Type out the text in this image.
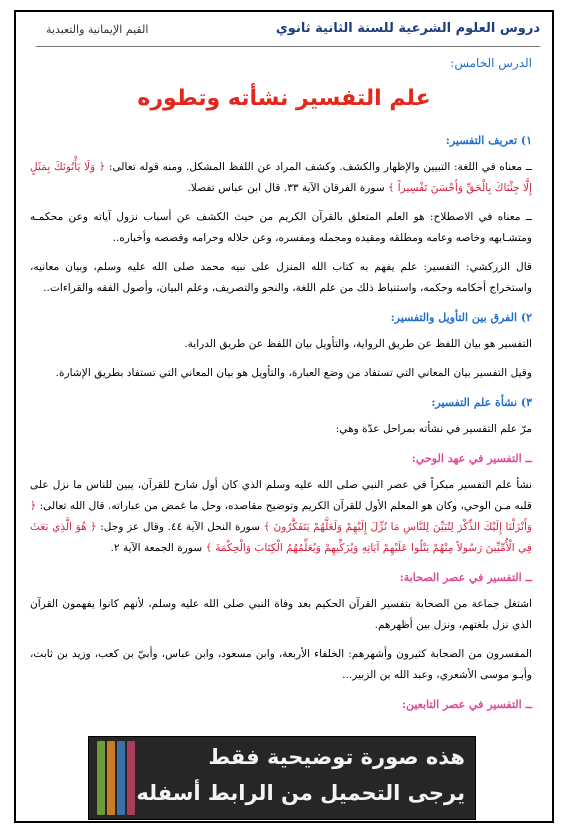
دروس العلوم الشرعية للسنة الثانية ثانوي
القيم الإيمانية والتعبدية
الدرس الخامس:
علم التفسير نشأته وتطوره
١) تعريف التفسير:

ــ معناه في اللغة: التبيين والإظهار والكشف. وكشف المراد عن اللفظ المشكل. ومنه قوله تعالى: ﴿ وَلَا يَأْتُونَكَ بِمَثَلٍ إِلَّا جِئْنَاكَ بِالْحَقِّ وَأَحْسَنَ تَفْسِيراً ﴾ سورة الفرقان الآية ٣٣. قال ابن عباس تفصلا.

ــ معناه في الاصطلاح: هو العلم المتعلق بالقرآن الكريم من حيث الكشف عن أسباب نزول آياته وعن محكمـه ومتشـابهه وخاصه وعامه ومطلقه ومقيده ومجمله ومفسره، وعن حلاله وحرامه وقصصه وأخباره..

قال الزركشي: التفسير: علم يفهم به كتاب الله المنزل على نبيه محمد صلى الله عليه وسلم، وبيان معانيه، واستخراج أحكامه وحكمه، واستنباط ذلك من علم اللغة، والنحو والتصريف، وعلم البيان، وأصول الفقه والقراءات..

٢) الفرق بين التأويل والتفسير:

التفسير هو بيان اللفظ عن طريق الرواية، والتأويل بيان اللفظ عن طريق الدراية.

وقيل التفسير بيان المعاني التي تستفاد من وضع العبارة، والتأويل هو بيان المعاني التي تستفاد بطريق الإشارة.

٣) نشأة علم التفسير:

مرّ علم التفسير في نشأته بمراحل عدّة وهي:

ــ التفسير في عهد الوحي:

نشأ علم التفسير مبكراً في عصر النبي صلى الله عليه وسلم الذي كان أول شارح للقرآن، يبين للناس ما نزل على قلبه مـن الوحي، وكان هو المعلم الأول للقرآن الكريم وتوضيح مقاصده، وحل ما غمض من عباراته. قال الله تعالى: ﴿ وَأَنْزَلْنَا إِلَيْكَ الذِّكْرَ لِتُبَيِّنَ لِلنَّاسِ مَا نُزِّلَ إِلَيْهِمْ وَلَعَلَّهُمْ يَتَفَكَّرُونَ ﴾ سورة النحل الآية ٤٤. وقال عز وجل: ﴿ هُوَ الَّذِي بَعَثَ فِي الْأُمِّيِّينَ رَسُولاً مِنْهُمْ يَتْلُوا عَلَيْهِمْ آيَاتِهِ وَيُزَكِّيهِمْ وَيُعَلِّمُهُمُ الْكِتَابَ وَالْحِكْمَةَ ﴾ سورة الجمعة الآية ٢.

ــ التفسير في عصر الصحابة:

اشتغل جماعة من الصحابة بتفسير القرآن الحكيم بعد وفاة النبي صلى الله عليه وسلم، لأنهم كانوا يفهمون القرآن الذي نزل بلغتهم، ونزل بين أظهرهم.

المفسرون من الصحابة كثيرون وأشهرهم: الخلفاء الأربعة، وابن مسعود، وابن عباس، وأبيّ بن كعب، وزيد بن ثابت، وأبـو موسى الأشعري، وعبد الله بن الزبير...

ــ التفسير في عصر التابعين:
هذه صورة توضيحية فقط
يرجى التحميل من الرابط أسفله
